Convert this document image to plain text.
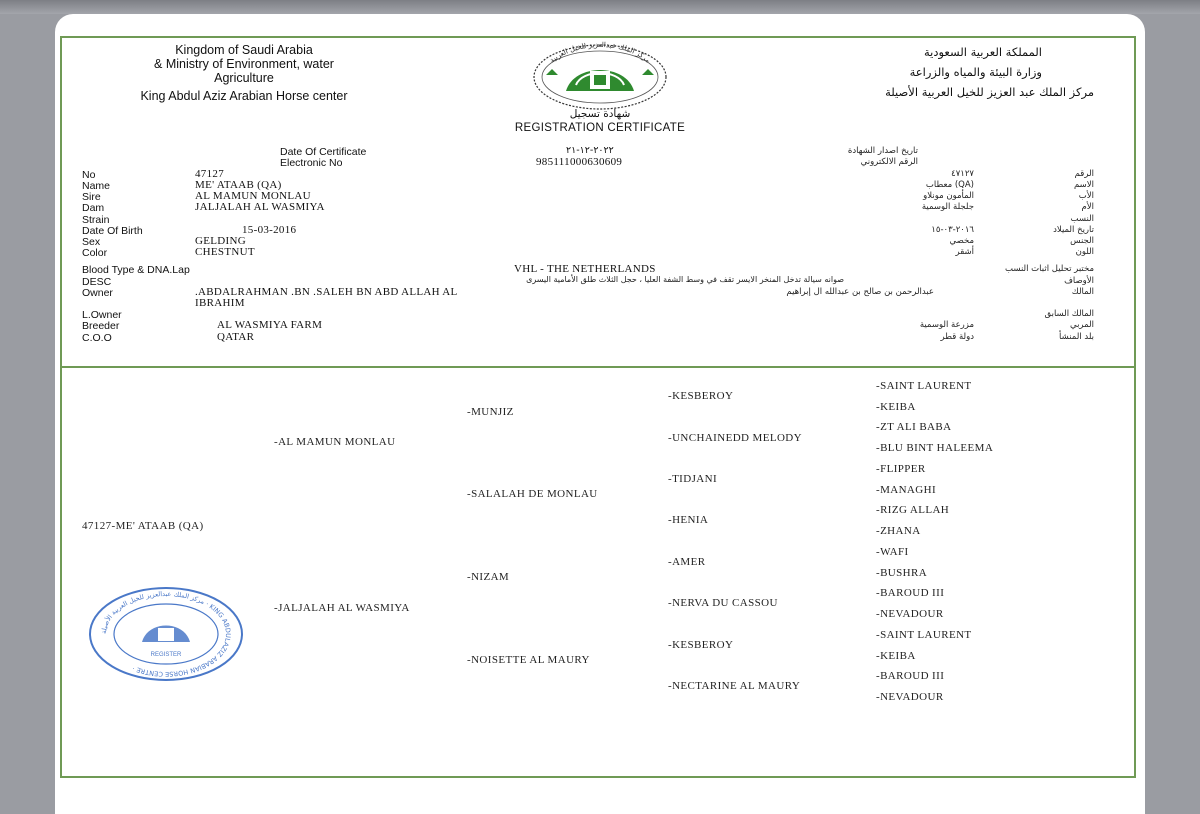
Kingdom of Saudi Arabia
& Ministry of Environment, water
Agriculture
King Abdul Aziz Arabian Horse center
المملكة العربية السعودية
وزارة البيئة والمياه والزراعة
مركز الملك عبد العزيز للخيل العربية الأصيلة
مركز الملك عبدالعزيز للخيل العربية
شهادة تسجيل
REGISTRATION CERTIFICATE
Date Of Certificate	٢٠٢٢-١٢-٢١	تاريخ اصدار الشهادة
Electronic No	985111000630609	الرقم الالكتروني
No	47127	٤٧١٢٧	الرقم
Name	ME' ATAAB (QA)	(QA) معطاب	الاسم
Sire	AL MAMUN MONLAU	المأمون مونلاو	الأب
Dam	JALJALAH AL WASMIYA	جلجلة الوسمية	الأم
Strain	النسب
Date Of Birth	15-03-2016	٢٠١٦-٠٣-١٥	تاريخ الميلاد
Sex	GELDING	مخصي	الجنس
Color	CHESTNUT	أشقر	اللون
Blood Type & DNA.Lap	VHL - THE NETHERLANDS	مختبر تحليل اثبات النسب
DESC	صوانه سيالة تدخل المنخر الايسر تقف في وسط الشفة العليا ، حجل الثلاث طلق الأمامية اليسرى	الأوصاف
Owner	.ABDALRAHMAN .BN .SALEH BN ABD ALLAH AL
IBRAHIM
عبدالرحمن بن صالح بن عبدالله ال إبراهيم	المالك
L.Owner	المالك السابق
Breeder	AL WASMIYA FARM	مزرعة الوسمية	المربي
C.O.O	QATAR	دولة قطر	بلد المنشأ
47127-ME' ATAAB (QA)
-AL MAMUN MONLAU
-JALJALAH AL WASMIYA
-MUNJIZ
-SALALAH DE MONLAU
-NIZAM
-NOISETTE AL MAURY
-KESBEROY
-UNCHAINEDD MELODY
-TIDJANI
-HENIA
-AMER
-NERVA DU CASSOU
-KESBEROY
-NECTARINE AL MAURY
-SAINT LAURENT
-KEIBA
-ZT ALI BABA
-BLU BINT HALEEMA
-FLIPPER
-MANAGHI
-RIZG ALLAH
-ZHANA
-WAFI
-BUSHRA
-BAROUD III
-NEVADOUR
-SAINT LAURENT
-KEIBA
-BAROUD III
-NEVADOUR
مركز الملك عبدالعزيز للخيل العربية الأصيلة · KING ABDULAZIZ ARABIAN HORSE CENTRE ·
REGISTER
